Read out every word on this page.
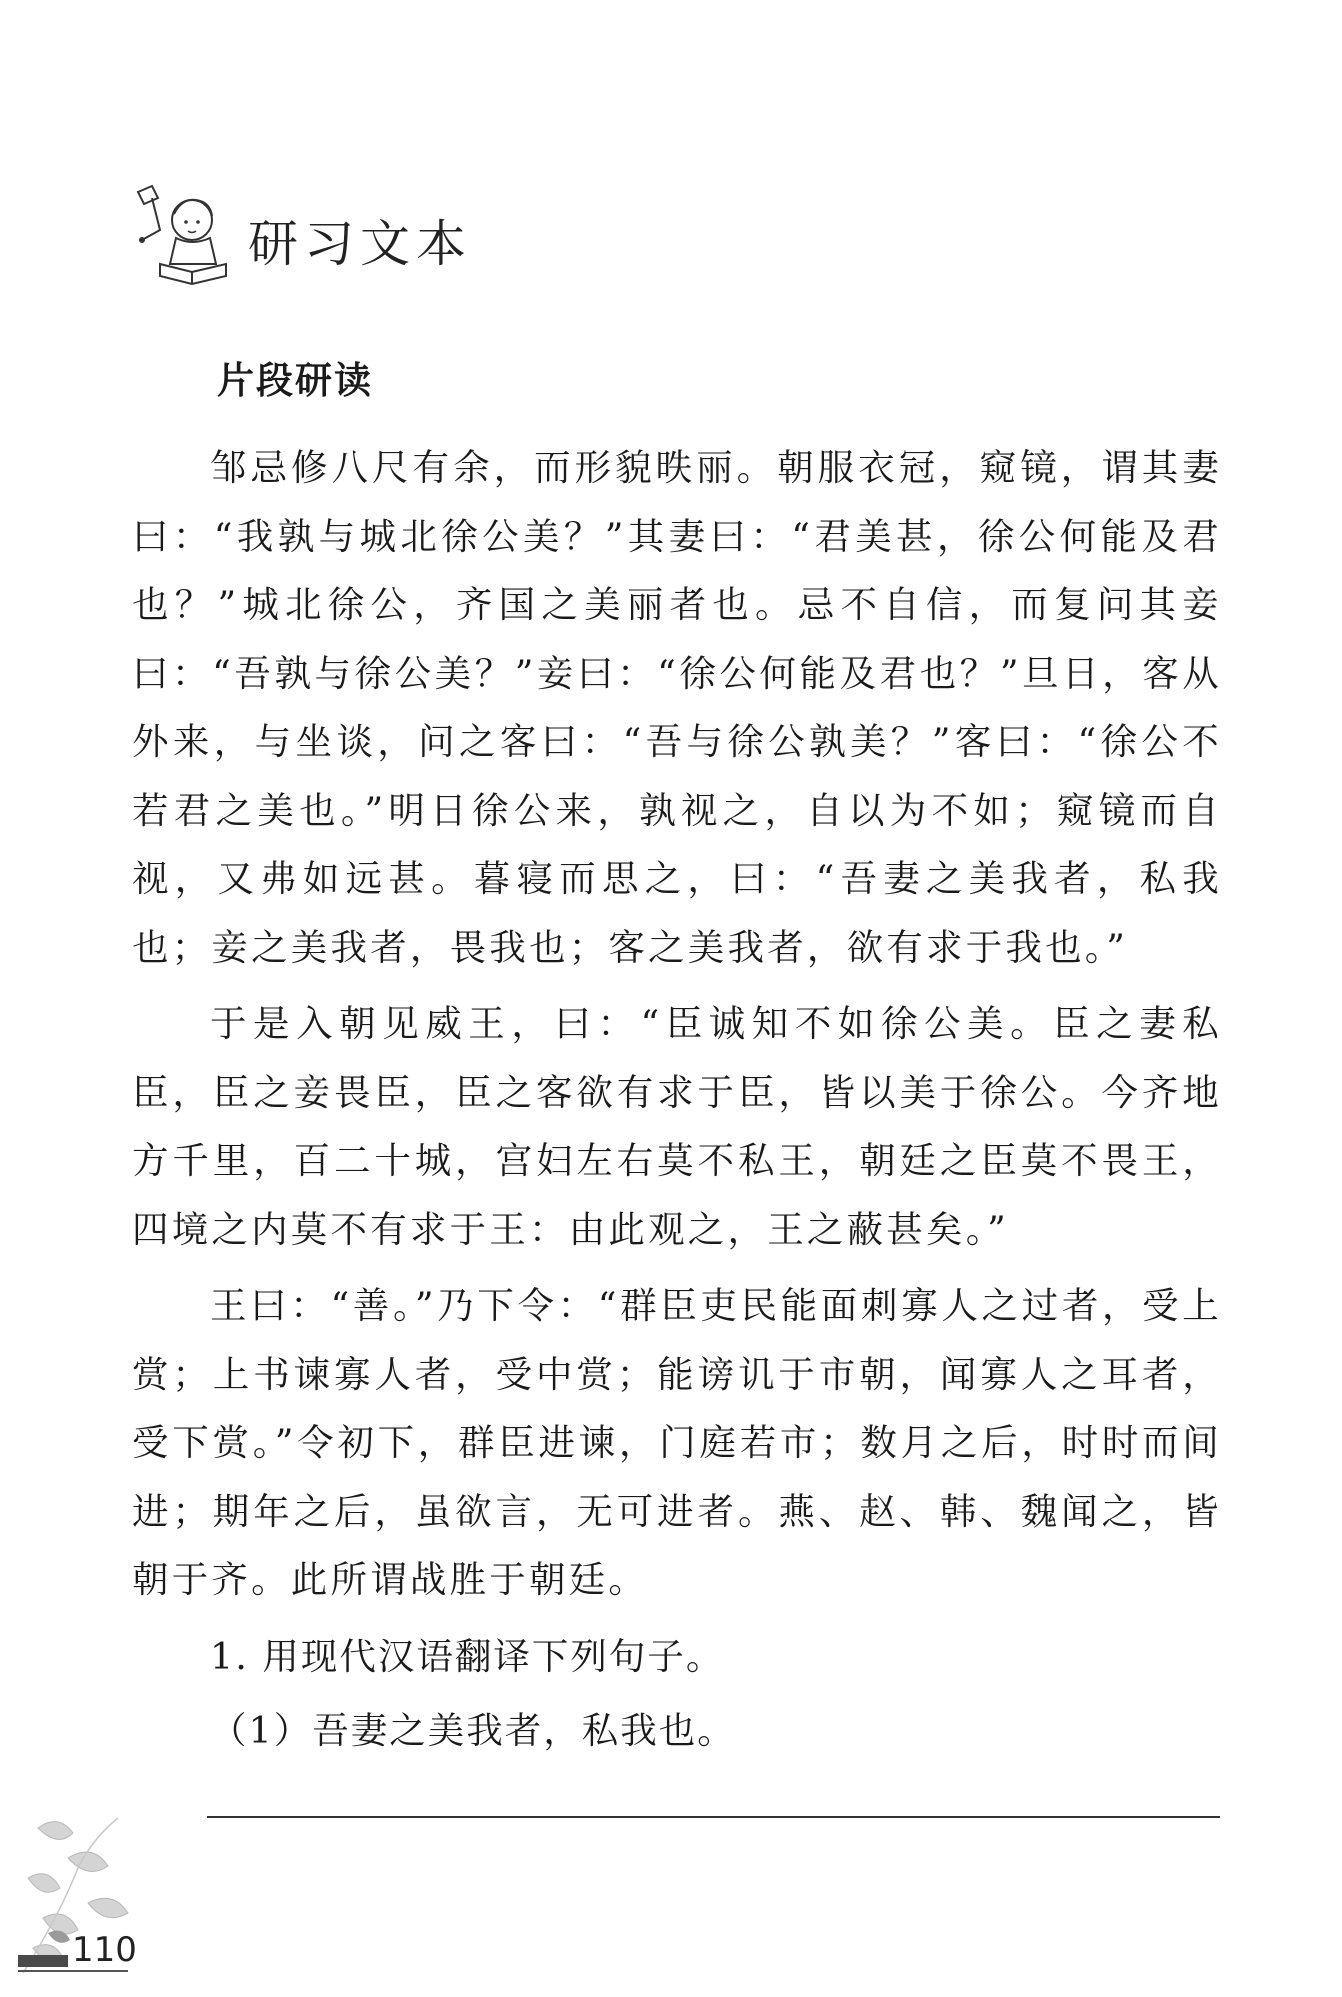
研习文本
片段研读

邹忌修八尺有余，而形貌昳丽。朝服衣冠，窥镜，谓其妻曰：“我孰与城北徐公美？”其妻曰：“君美甚，徐公何能及君也？”城北徐公，齐国之美丽者也。忌不自信，而复问其妾曰：“吾孰与徐公美？”妾曰：“徐公何能及君也？”旦日，客从外来，与坐谈，问之客曰：“吾与徐公孰美？”客曰：“徐公不若君之美也。”明日徐公来，孰视之，自以为不如；窥镜而自视，又弗如远甚。暮寝而思之，曰：“吾妻之美我者，私我也；妾之美我者，畏我也；客之美我者，欲有求于我也。”

于是入朝见威王，曰：“臣诚知不如徐公美。臣之妻私臣，臣之妾畏臣，臣之客欲有求于臣，皆以美于徐公。今齐地方千里，百二十城，宫妇左右莫不私王，朝廷之臣莫不畏王，四境之内莫不有求于王：由此观之，王之蔽甚矣。”

王曰：“善。”乃下令：“群臣吏民能面刺寡人之过者，受上赏；上书谏寡人者，受中赏；能谤讥于市朝，闻寡人之耳者，受下赏。”令初下，群臣进谏，门庭若市；数月之后，时时而间进；期年之后，虽欲言，无可进者。燕、赵、韩、魏闻之，皆朝于齐。此所谓战胜于朝廷。

1. 用现代汉语翻译下列句子。

（1）吾妻之美我者，私我也。

110
